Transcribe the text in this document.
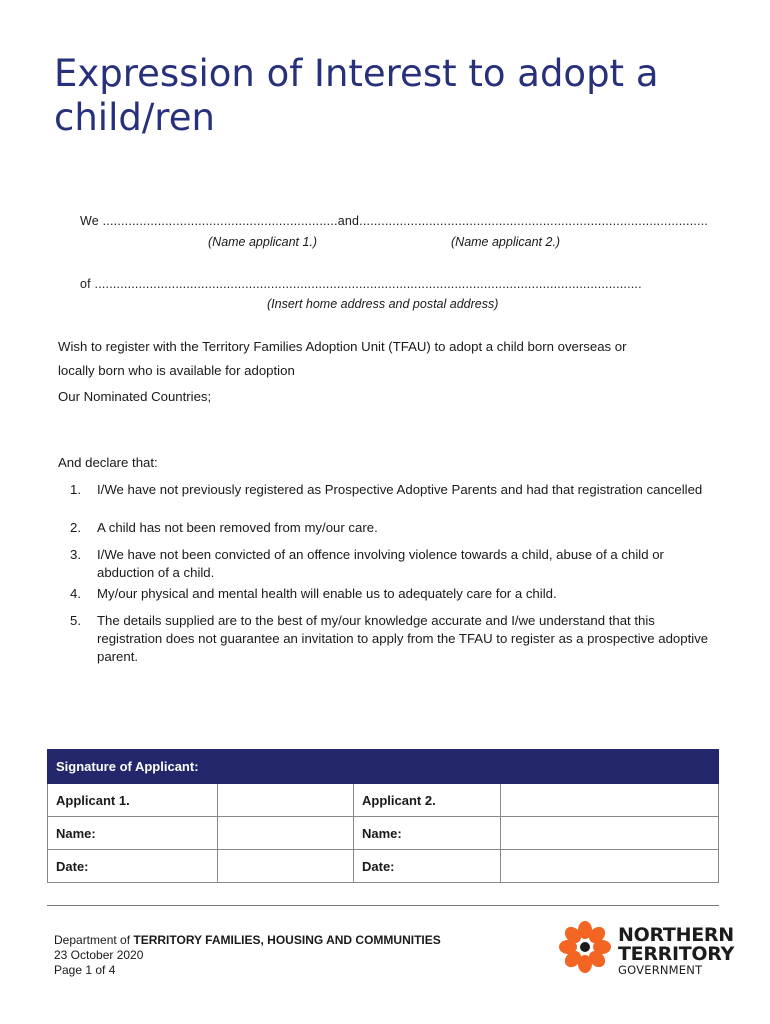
Expression of Interest to adopt a child/ren
We ................................................................and...............................................................................................
(Name applicant 1.)	(Name applicant 2.)
of .....................................................................................................................................................
(Insert home address and postal address)
Wish to register with the Territory Families Adoption Unit (TFAU) to adopt a child born overseas or
locally born who is available for adoption
Our Nominated Countries;
And declare that:
1. I/We have not previously registered as Prospective Adoptive Parents and had that registration cancelled
2. A child has not been removed from my/our care.
3. I/We have not been convicted of an offence involving violence towards a child, abuse of a child or abduction of a child.
4. My/our physical and mental health will enable us to adequately care for a child.
5. The details supplied are to the best of my/our knowledge accurate and I/we understand that this registration does not guarantee an invitation to apply from the TFAU to register as a prospective adoptive parent.
Signature of Applicant:			
Applicant 1.		Applicant 2.	
Name:		Name:	
Date:		Date:	
Department of TERRITORY FAMILIES, HOUSING AND COMMUNITIES
23 October 2020
Page 1 of 4
NORTHERN
TERRITORY
GOVERNMENT
